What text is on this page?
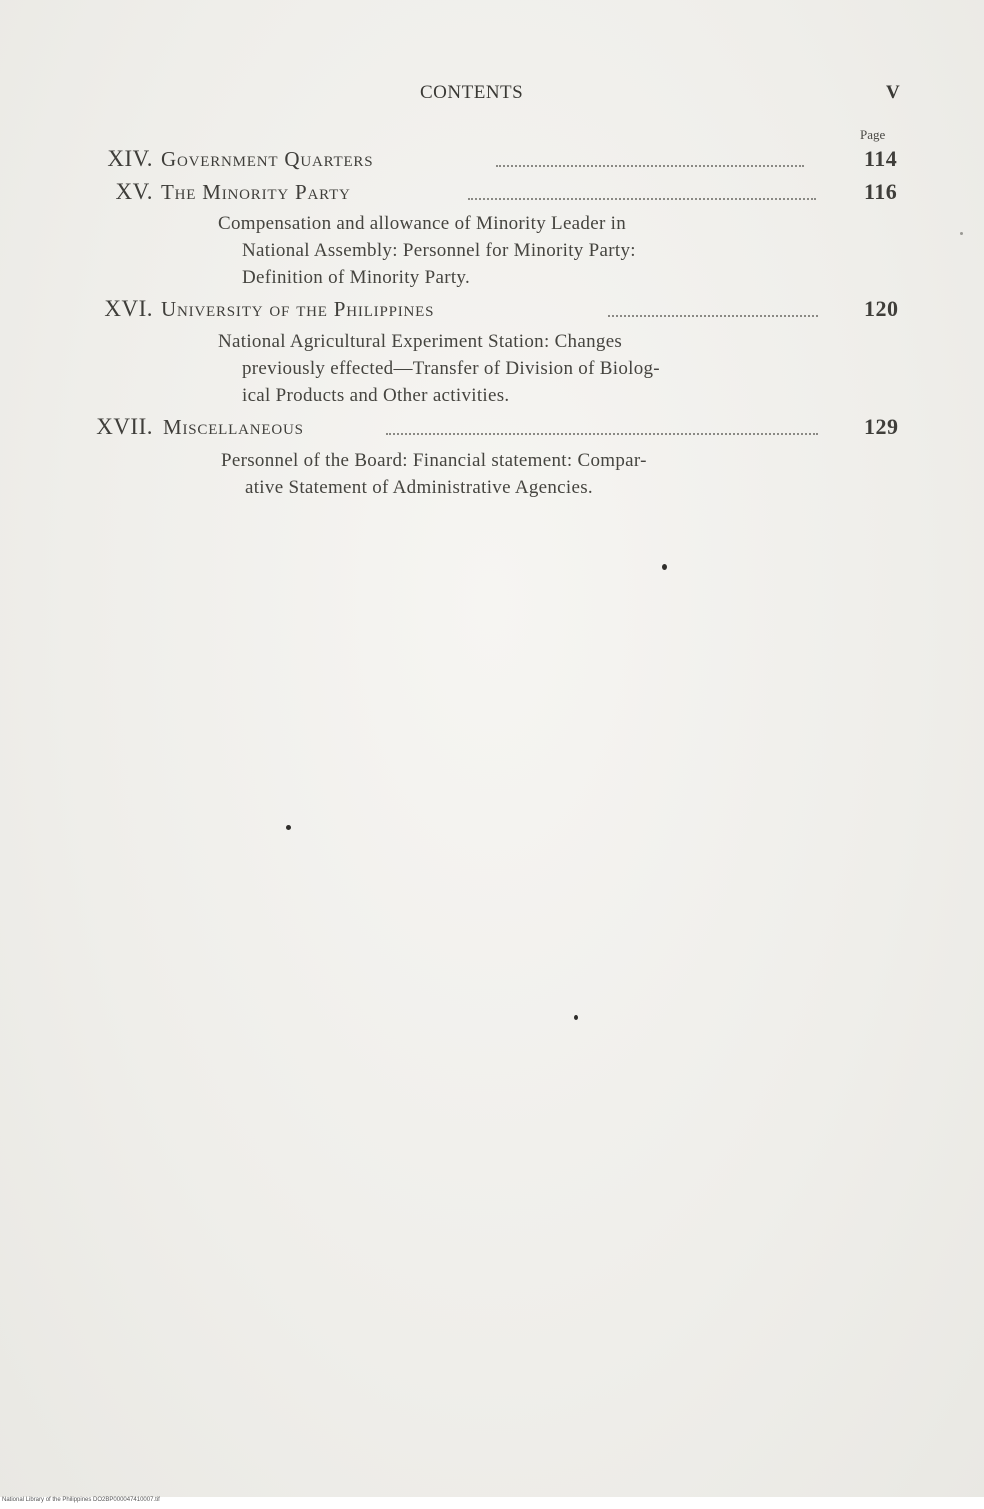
CONTENTS	V
Page
XIV. Government Quarters	114
XV. The Minority Party	116
Compensation and allowance of Minority Leader in
National Assembly: Personnel for Minority Party:
Definition of Minority Party.
XVI. University of the Philippines	120
National Agricultural Experiment Station: Changes
previously effected—Transfer of Division of Biolog-
ical Products and Other activities.
XVII. Miscellaneous	129
Personnel of the Board: Financial statement: Compar-
ative Statement of Administrative Agencies.
National Library of the Philippines DO2BP000047410007.tif
